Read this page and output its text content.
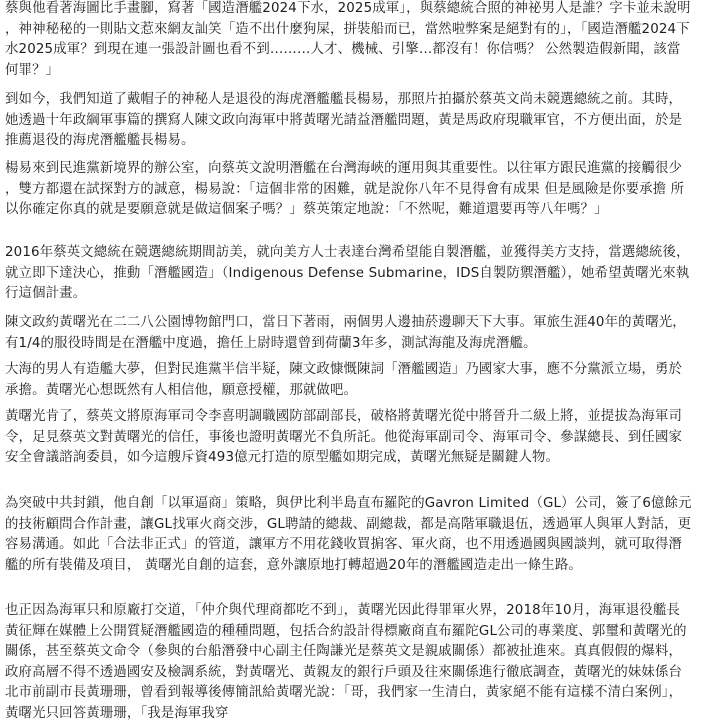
蔡與他看著海圖比手畫腳，寫著「國造潛艦2024下水，2025成軍」，與蔡總統合照的神祕男人是誰？字卡並未說明，神神秘秘的一則貼文惹來網友訕笑「造不出什麼狗屎，拼裝船而已，當然啦弊案是絕對有的」，「國造潛艦2024下水2025成軍？到現在連一張設計圖也看不到………人才、機械、引擎…都沒有！你信嗎？ 公然製造假新聞，該當何罪？」

到如今，我們知道了戴帽子的神秘人是退役的海虎潛艦艦長楊易，那照片拍攝於蔡英文尚未競選總統之前。其時，她透過十年政綱軍事篇的撰寫人陳文政向海軍中將黃曙光請益潛艦問題，黃是馬政府現職軍官，不方便出面，於是推薦退役的海虎潛艦艦長楊易。

楊易來到民進黨新境界的辦公室，向蔡英文說明潛艦在台灣海峽的運用與其重要性。以往軍方跟民進黨的接觸很少，雙方都還在試探對方的誠意，楊易說：「這個非常的困難，就是說你八年不見得會有成果 但是風險是你要承擔 所以你確定你真的就是要願意就是做這個案子嗎？」蔡英策定地說：「不然呢，難道還要再等八年嗎？」

2016年蔡英文總統在競選總統期間訪美，就向美方人士表達台灣希望能自製潛艦，並獲得美方支持，當選總統後，就立即下達決心，推動「潛艦國造」（Indigenous Defense Submarine，IDS自製防禦潛艦），她希望黃曙光來執行這個計畫。

陳文政約黃曙光在二二八公園博物館門口，當日下著雨，兩個男人邊抽菸邊聊天下大事。軍旅生涯40年的黃曙光，有1/4的服役時間是在潛艦中度過，擔任上尉時還曾到荷蘭3年多，測試海龍及海虎潛艦。

大海的男人有造艦大夢，但對民進黨半信半疑，陳文政慷慨陳詞「潛艦國造」乃國家大事，應不分黨派立場，勇於承擔。黃曙光心想既然有人相信他，願意授權，那就做吧。

黃曙光肯了，蔡英文將原海軍司令李喜明調職國防部副部長，破格將黃曙光從中將晉升二級上將，並提拔為海軍司令，足見蔡英文對黃曙光的信任，事後也證明黃曙光不負所託。他從海軍副司令、海軍司令、參謀總長、到任國家安全會議諮詢委員，如今這艘斥資493億元打造的原型艦如期完成，黃曙光無疑是關鍵人物。

為突破中共封鎖，他自創「以軍逼商」策略，與伊比利半島直布羅陀的Gavron Limited（GL）公司，簽了6億餘元的技術顧問合作計畫，讓GL找軍火商交涉，GL聘請的總裁、副總裁，都是高階軍職退伍，透過軍人與軍人對話，更容易溝通。如此「合法非正式」的管道，讓軍方不用花錢收買掮客、軍火商，也不用透過國與國談判，就可取得潛艦的所有裝備及項目， 黃曙光自創的這套，意外讓原地打轉超過20年的潛艦國造走出一條生路。

也正因為海軍只和原廠打交道，「仲介與代理商都吃不到」，黃曙光因此得罪軍火界，2018年10月，海軍退役艦長黃征輝在媒體上公開質疑潛艦國造的種種問題，包括合約設計得標廠商直布羅陀GL公司的專業度、郭璽和黃曙光的關係，甚至蔡英文命令（參與的台船潛發中心副主任陶謙光是蔡英文是親戚關係）都被扯進來。真真假假的爆料，政府高層不得不透過國安及檢調系統，對黃曙光、黃親友的銀行戶頭及往來關係進行徹底調查，黃曙光的妹妹係台北市前副市長黃珊珊，曾看到報導後傳簡訊給黃曙光說：「哥，我們家一生清白，黃家絕不能有這樣不清白案例」，黃曙光只回答黃珊珊，「我是海軍我穿
